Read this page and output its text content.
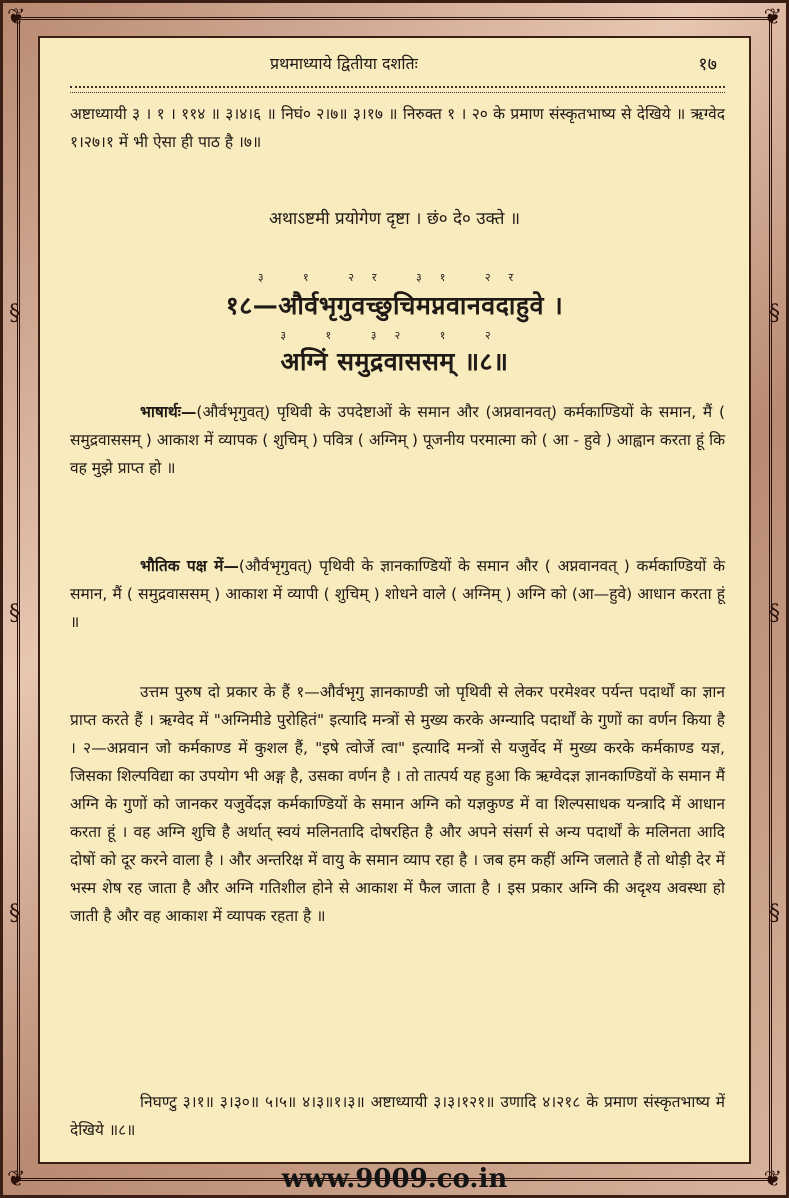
❦	❦
❦	❦
§
§
§
§
§
§
प्रथमाध्याये द्वितीया दशतिः	१७

अष्टाध्यायी ३ । १ । ११४ ॥ ३।४।६ ॥ निघं० २।७॥ ३।१७ ॥ निरुक्त १ । २० के प्रमाण संस्कृतभाष्य से देखिये ॥ ऋग्वेद १।२७।१ में भी ऐसा ही पाठ है ।७॥

अथाऽष्टमी प्रयोगेण दृष्टा । छं० दे० उक्ते ॥

३ १ २र ३१ २र

१८—और्वभृगुवच्छुचिमप्नवानवदाहुवे ।

३ १ ३२ १ २

अग्निं समुद्रवाससम् ॥८॥

भाषार्थः—(और्वभृगुवत्) पृथिवी के उपदेष्टाओं के समान और (अप्नवानवत्) कर्मकाण्डियों के समान, मैं ( समुद्रवाससम् ) आकाश में व्यापक ( शुचिम् ) पवित्र ( अग्निम् ) पूजनीय परमात्मा को ( आ - हुवे ) आह्वान करता हूं कि वह मुझे प्राप्त हो ॥

भौतिक पक्ष में—(और्वभृगुवत्) पृथिवी के ज्ञानकाण्डियों के समान और ( अप्नवानवत् ) कर्मकाण्डियों के समान, मैं ( समुद्रवाससम् ) आकाश में व्यापी ( शुचिम् ) शोधने वाले ( अग्निम् ) अग्नि को (आ—हुवे) आधान करता हूं ॥

उत्तम पुरुष दो प्रकार के हैं १—और्वभृगु ज्ञानकाण्डी जो पृथिवी से लेकर परमेश्वर पर्यन्त पदार्थों का ज्ञान प्राप्त करते हैं । ऋग्वेद में "अग्निमीडे पुरोहितं" इत्यादि मन्त्रों से मुख्य करके अग्न्यादि पदार्थों के गुणों का वर्णन किया है । २—अप्नवान जो कर्मकाण्ड में कुशल हैं, "इषे त्वोर्जे त्वा" इत्यादि मन्त्रों से यजुर्वेद में मुख्य करके कर्मकाण्ड यज्ञ, जिसका शिल्पविद्या का उपयोग भी अङ्ग है, उसका वर्णन है । तो तात्पर्य यह हुआ कि ऋग्वेदज्ञ ज्ञानकाण्डियों के समान मैं अग्नि के गुणों को जानकर यजुर्वेदज्ञ कर्मकाण्डियों के समान अग्नि को यज्ञकुण्ड में वा शिल्पसाधक यन्त्रादि में आधान करता हूं । वह अग्नि शुचि है अर्थात् स्वयं मलिनतादि दोषरहित है और अपने संसर्ग से अन्य पदार्थों के मलिनता आदि दोषों को दूर करने वाला है । और अन्तरिक्ष में वायु के समान व्याप रहा है । जब हम कहीं अग्नि जलाते हैं तो थोड़ी देर में भस्म शेष रह जाता है और अग्नि गतिशील होने से आकाश में फैल जाता है । इस प्रकार अग्नि की अदृश्य अवस्था हो जाती है और वह आकाश में व्यापक रहता है ॥

निघण्टु ३।१॥ ३।३०॥ ५।५॥ ४।३॥१।३॥ अष्टाध्यायी ३।३।१२१॥ उणादि ४।२१८ के प्रमाण संस्कृतभाष्य में देखिये ॥८॥

www.9009.co.in
